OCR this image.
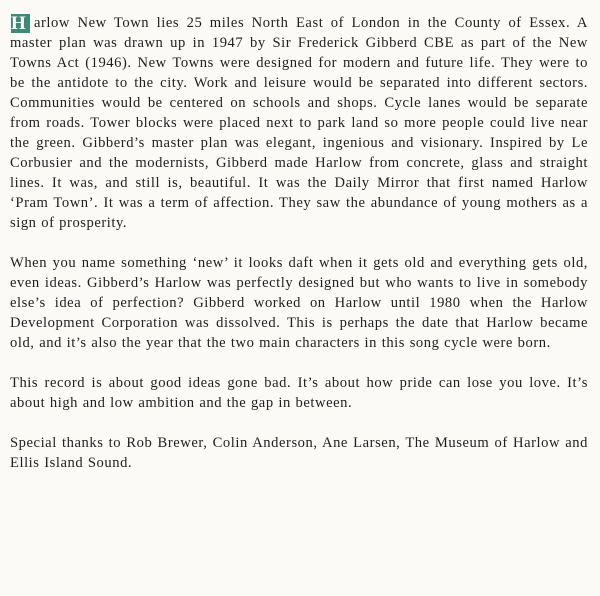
H arlow New Town lies 25 miles North East of London in the County of Essex. A master plan was drawn up in 1947 by Sir Frederick Gibberd CBE as part of the New Towns Act (1946). New Towns were designed for modern and future life. They were to be the antidote to the city. Work and leisure would be separated into different sectors. Communities would be centered on schools and shops. Cycle lanes would be separate from roads. Tower blocks were placed next to park land so more people could live near the green. Gibberd’s master plan was elegant, ingenious and visionary. Inspired by Le Corbusier and the modernists, Gibberd made Harlow from concrete, glass and straight lines. It was, and still is, beautiful. It was the Daily Mirror that first named Harlow ‘Pram Town’. It was a term of affection. They saw the abundance of young mothers as a sign of prosperity.

When you name something ‘new’ it looks daft when it gets old and everything gets old, even ideas. Gibberd’s Harlow was perfectly designed but who wants to live in somebody else’s idea of perfection? Gibberd worked on Harlow until 1980 when the Harlow Development Corporation was dissolved. This is perhaps the date that Harlow became old, and it’s also the year that the two main characters in this song cycle were born.

This record is about good ideas gone bad. It’s about how pride can lose you love. It’s about high and low ambition and the gap in between.

Special thanks to Rob Brewer, Colin Anderson, Ane Larsen, The Museum of Harlow and Ellis Island Sound.
